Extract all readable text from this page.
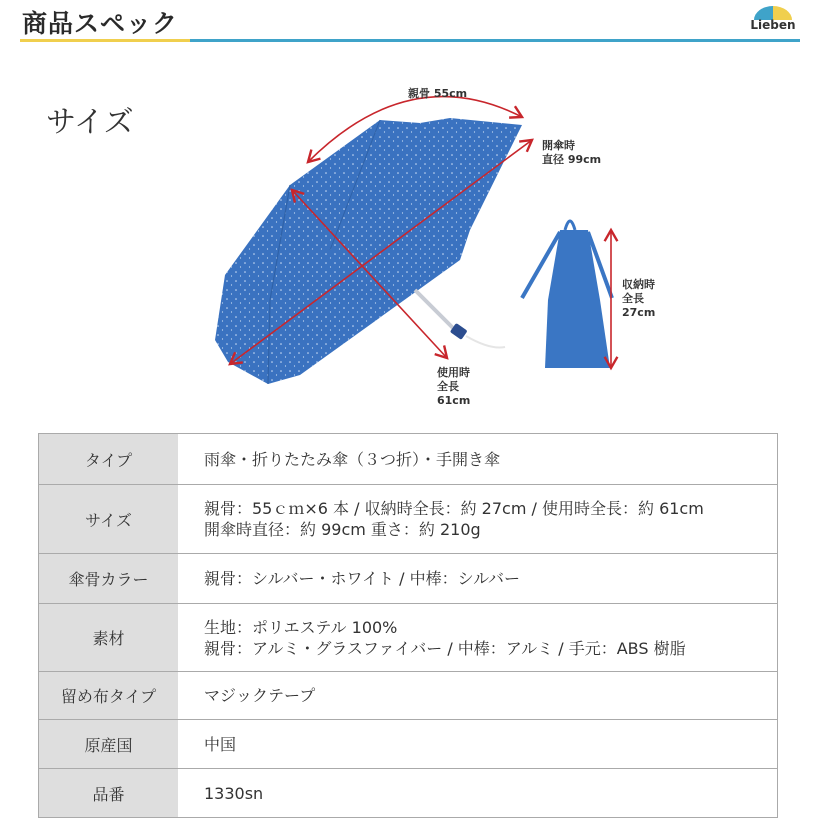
商品スペック	Lieben
サイズ
親骨 55cm
開傘時
直径 99cm
使用時
全長
61cm
収納時
全長
27cm
タイプ	雨傘・折りたたみ傘（３つ折）・手開き傘

サイズ	親骨：55ｃｍ×6 本 / 収納時全長：約 27cm / 使用時全長：約 61cm
開傘時直径：約 99cm 重さ：約 210g

傘骨カラー	親骨：シルバー・ホワイト / 中棒：シルバー

素材	生地：ポリエステル 100%
親骨：アルミ・グラスファイバー / 中棒：アルミ / 手元：ABS 樹脂

留め布タイプ	マジックテープ

原産国	中国

品番	1330sn
